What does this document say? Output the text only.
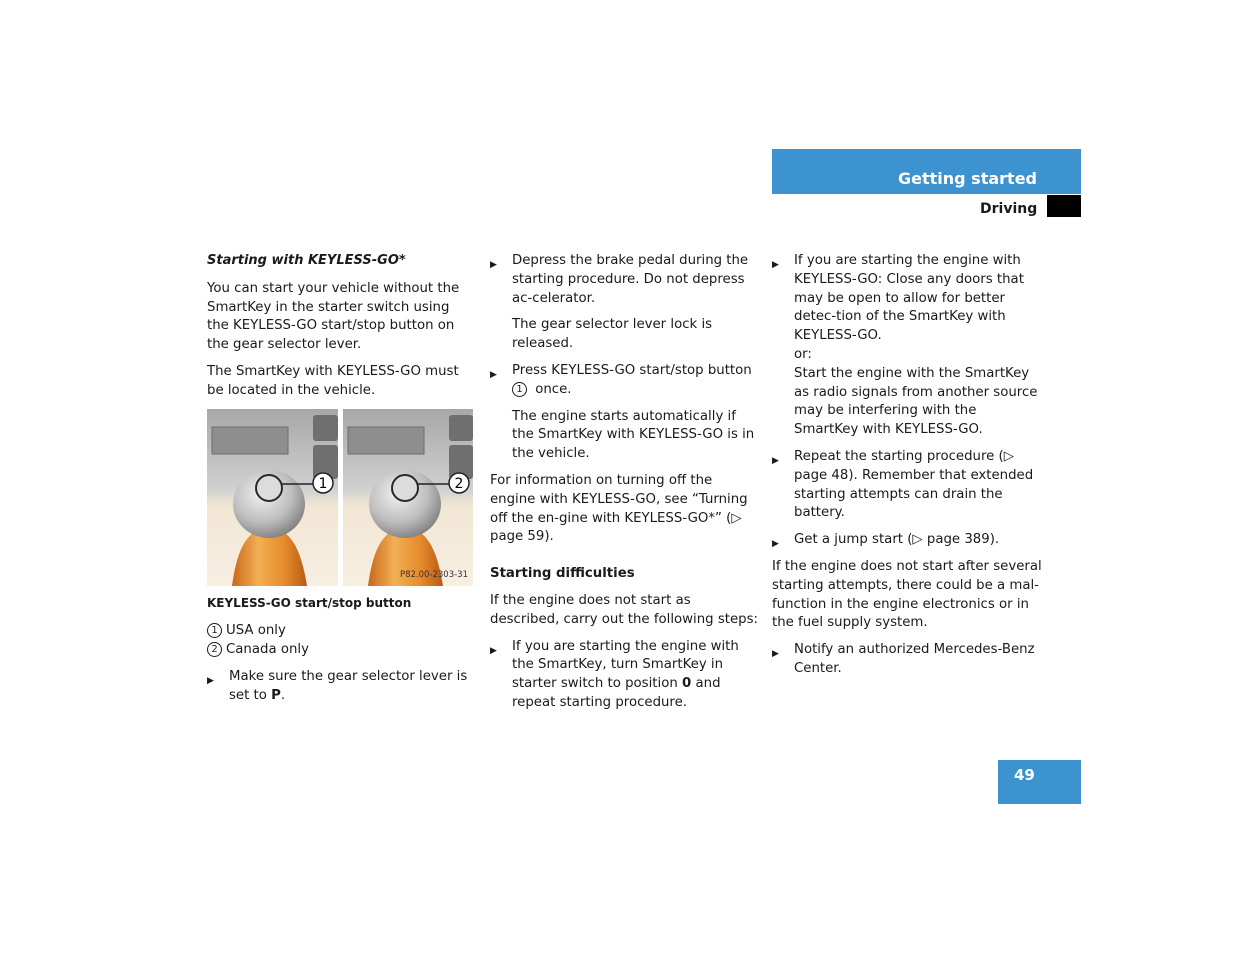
Getting started
Driving

Starting with KEYLESS-GO*

You can start your vehicle without the SmartKey in the starter switch using the KEYLESS-GO start/stop button on the gear selector lever.

The SmartKey with KEYLESS-GO must be located in the vehicle.

1	2
P82.00-2303-31

KEYLESS-GO start/stop button

1 USA only

2 Canada only

▶ Make sure the gear selector lever is set to P.

▶ Depress the brake pedal during the starting procedure. Do not depress ac-celerator.

The gear selector lever lock is released.

▶ Press KEYLESS-GO start/stop button 1 once.

The engine starts automatically if the SmartKey with KEYLESS-GO is in the vehicle.

For information on turning off the engine with KEYLESS-GO, see “Turning off the en-gine with KEYLESS-GO*” (▷ page 59).

Starting difficulties

If the engine does not start as described, carry out the following steps:

▶ If you are starting the engine with the SmartKey, turn SmartKey in starter switch to position 0 and repeat starting procedure.

▶ If you are starting the engine with KEYLESS-GO: Close any doors that may be open to allow for better detec-tion of the SmartKey with KEYLESS-GO.
or:
Start the engine with the SmartKey as radio signals from another source may be interfering with the SmartKey with KEYLESS-GO.

▶ Repeat the starting procedure (▷ page 48). Remember that extended starting attempts can drain the battery.

▶ Get a jump start (▷ page 389).

If the engine does not start after several starting attempts, there could be a mal-function in the engine electronics or in the fuel supply system.

▶ Notify an authorized Mercedes-Benz Center.

49
